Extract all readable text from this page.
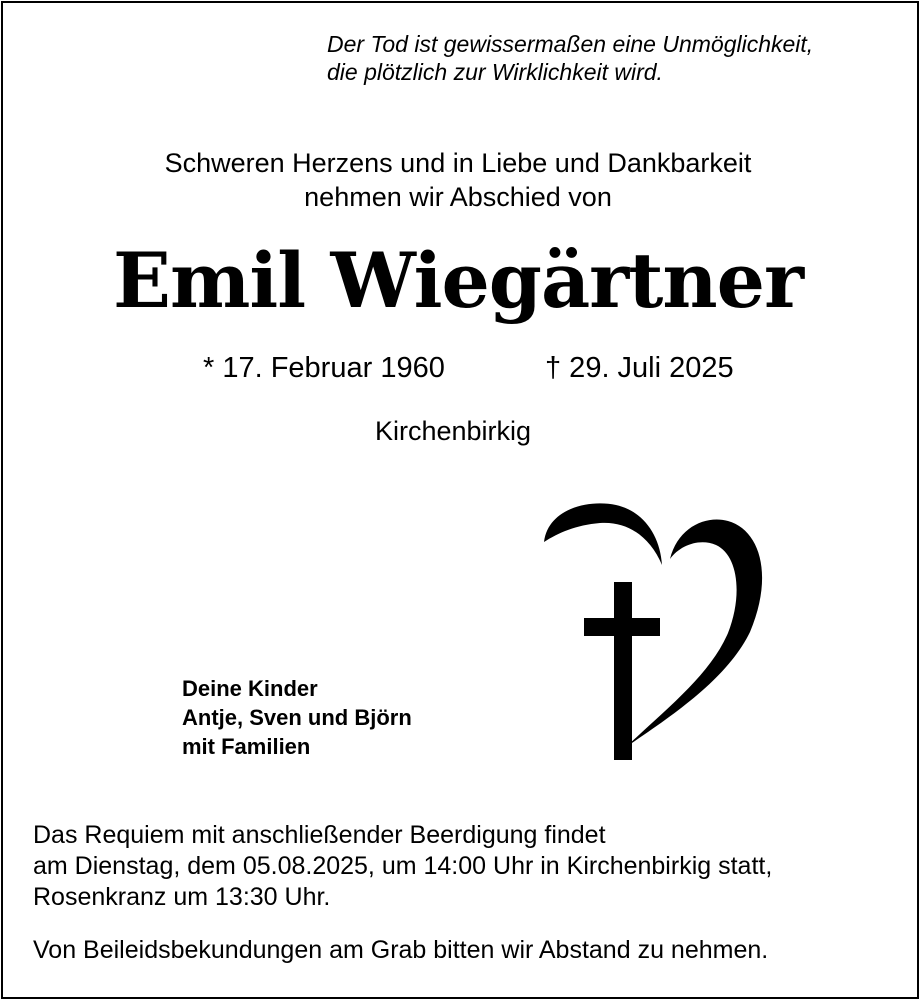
Der Tod ist gewissermaßen eine Unmöglichkeit,
die plötzlich zur Wirklichkeit wird.
Schweren Herzens und in Liebe und Dankbarkeit
nehmen wir Abschied von
Emil Wiegärtner
* 17. Februar 1960	† 29. Juli 2025
Kirchenbirkig
Deine Kinder
Antje, Sven und Björn
mit Familien
Das Requiem mit anschließender Beerdigung findet
am Dienstag, dem 05.08.2025, um 14:00 Uhr in Kirchenbirkig statt,
Rosenkranz um 13:30 Uhr.
Von Beileidsbekundungen am Grab bitten wir Abstand zu nehmen.
